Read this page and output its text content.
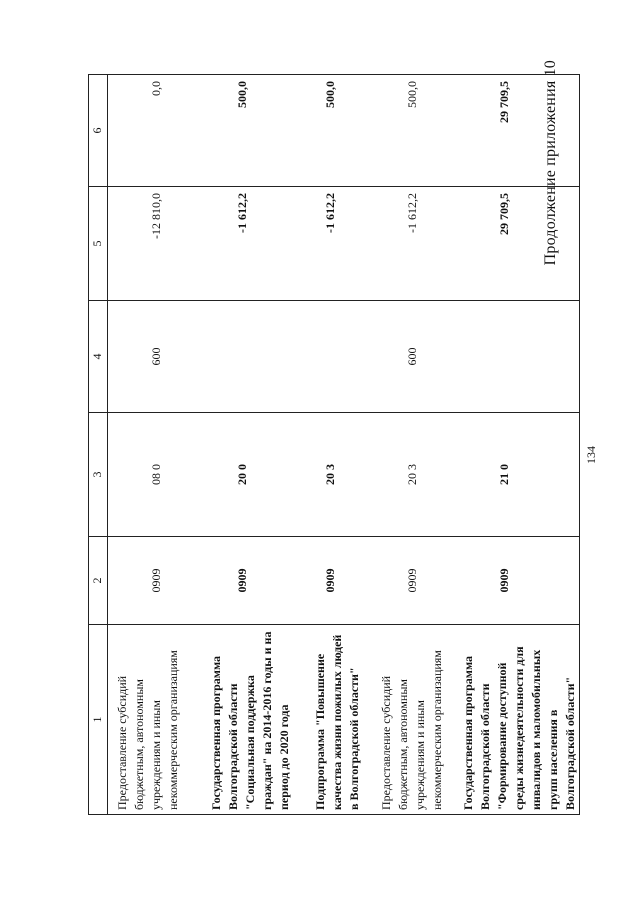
134
Продолжение приложения 10
1	2	3	4	5	6
Предоставление субсидий бюджетным, автономным учреждениям и иным некоммерческим организациям	0909	08 0	600	-12 810,0	0,0
Государственная программа Волгоградской области "Социальная поддержка граждан" на 2014-2016 годы и на период до 2020 года	0909	20 0		-1 612,2	500,0
Подпрограмма "Повышение качества жизни пожилых людей в Волгоградской области"	0909	20 3		-1 612,2	500,0
Предоставление субсидий бюджетным, автономным учреждениям и иным некоммерческим организациям	0909	20 3	600	-1 612,2	500,0
Государственная программа Волгоградской области "Формирование доступной среды жизнедеятельности для инвалидов и маломобильных групп населения в Волгоградской области"	0909	21 0		29 709,5	29 709,5
